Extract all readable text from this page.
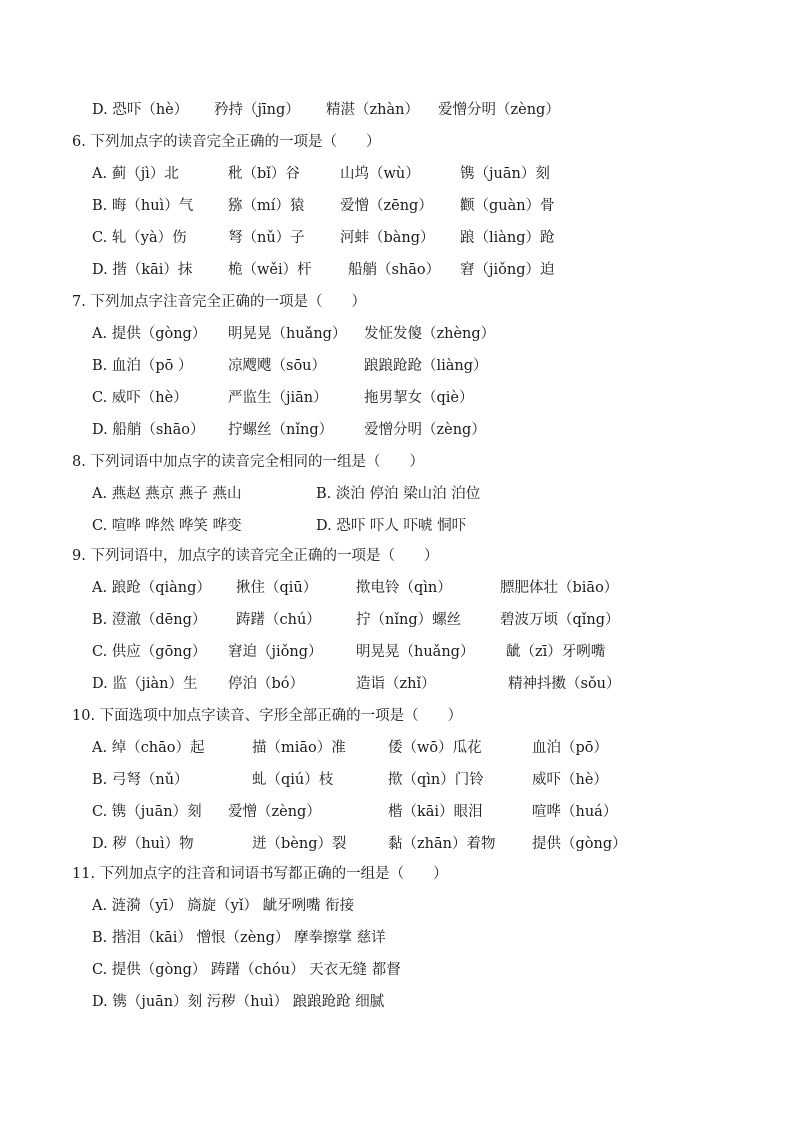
D. 恐吓（hè） 矜持（jīng） 精湛（zhàn） 爱憎分明（zèng）
6. 下列加点字的读音完全正确的一项是（　　）
A. 蓟（jì）北	秕（bǐ）谷	山坞（wù）	镌（juān）刻
B. 晦（huì）气 猕（mí）猿 爱憎（zēng） 颧（guàn）骨
C. 轧（yà）伤	弩（nǔ）子 河蚌（bàng） 踉（liàng）跄
D. 揩（kāi）抹 桅（wěi）杆	船艄（shāo） 窘（jiǒng）迫
7. 下列加点字注音完全正确的一项是（　　）
A. 提供（gòng） 明晃晃（huǎng） 发怔发傻（zhèng）
B. 血泊（pō ） 凉飕飕（sōu）	踉踉跄跄（liàng）
C. 威吓（hè）	严监生（jiān）	拖男挈女（qiè）
D. 船艄（shāo） 拧螺丝（nǐng） 爱憎分明（zèng）
8. 下列词语中加点字的读音完全相同的一组是（　　）
A. 燕赵 燕京 燕子 燕山	B. 淡泊 停泊 梁山泊 泊位
C. 喧哗 哗然 哗笑 哗变	D. 恐吓 吓人 吓唬 恫吓
9. 下列词语中，加点字的读音完全正确的一项是（　　）
A. 踉跄（qiàng） 揪住（qiū）	揿电铃（qìn）	膘肥体壮（biāo）
B. 澄澈（dēng） 踌躇（chú） 拧（nǐng）螺丝	碧波万顷（qǐng）
C. 供应（gōng） 窘迫（jiǒng） 明晃晃（huǎng） 龇（zī）牙咧嘴
D. 监（jiàn）生 停泊（bó）	造诣（zhǐ）	精神抖擞（sǒu）
10. 下面选项中加点字读音、字形全部正确的一项是（　　）
A. 绰（chāo）起	描（miāo）准	倭（wō）瓜花	血泊（pō）
B. 弓弩（nǔ）	虬（qiú）枝	揿（qìn）门铃	威吓（hè）
C. 镌（juān）刻 爱憎（zèng）	楷（kāi）眼泪	喧哗（huá）
D. 秽（huì）物	迸（bèng）裂	黏（zhān）着物	提供（gòng）
11. 下列加点字的注音和词语书写都正确的一组是（　　）
A. 涟漪（yī） 旖旋（yǐ） 龇牙咧嘴 衔接
B. 揩泪（kāi） 憎恨（zèng） 摩拳擦掌 慈详
C. 提供（gòng） 踌躇（chóu） 天衣无缝 都督
D. 镌（juān）刻 污秽（huì） 踉踉跄跄 细腻
